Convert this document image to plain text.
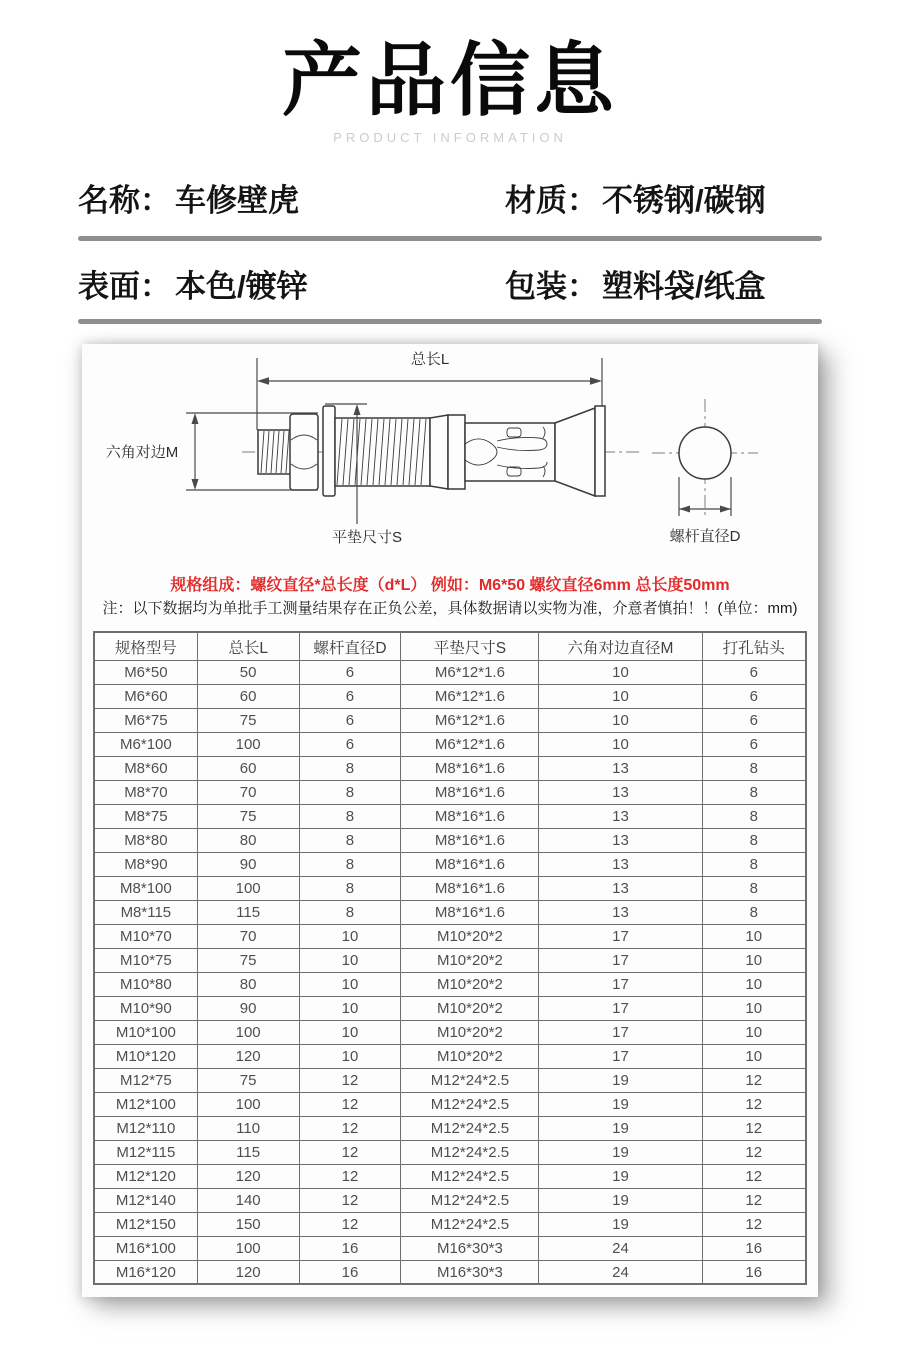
产品信息
PRODUCT INFORMATION
名称： 车修壁虎	材质： 不锈钢/碳钢
表面： 本色/镀锌	包装： 塑料袋/纸盒
总长L
六角对边M
平垫尺寸S	螺杆直径D
规格组成：螺纹直径*总长度（d*L） 例如：M6*50 螺纹直径6mm 总长度50mm
注：以下数据均为单批手工测量结果存在正负公差，具体数据请以实物为准，介意者慎拍！！(单位：mm)
规格型号	总长L	螺杆直径D	平垫尺寸S	六角对边直径M	打孔钻头
M6*50	50	6	M6*12*1.6	10	6
M6*60	60	6	M6*12*1.6	10	6
M6*75	75	6	M6*12*1.6	10	6
M6*100	100	6	M6*12*1.6	10	6
M8*60	60	8	M8*16*1.6	13	8
M8*70	70	8	M8*16*1.6	13	8
M8*75	75	8	M8*16*1.6	13	8
M8*80	80	8	M8*16*1.6	13	8
M8*90	90	8	M8*16*1.6	13	8
M8*100	100	8	M8*16*1.6	13	8
M8*115	115	8	M8*16*1.6	13	8
M10*70	70	10	M10*20*2	17	10
M10*75	75	10	M10*20*2	17	10
M10*80	80	10	M10*20*2	17	10
M10*90	90	10	M10*20*2	17	10
M10*100	100	10	M10*20*2	17	10
M10*120	120	10	M10*20*2	17	10
M12*75	75	12	M12*24*2.5	19	12
M12*100	100	12	M12*24*2.5	19	12
M12*110	110	12	M12*24*2.5	19	12
M12*115	115	12	M12*24*2.5	19	12
M12*120	120	12	M12*24*2.5	19	12
M12*140	140	12	M12*24*2.5	19	12
M12*150	150	12	M12*24*2.5	19	12
M16*100	100	16	M16*30*3	24	16
M16*120	120	16	M16*30*3	24	16
